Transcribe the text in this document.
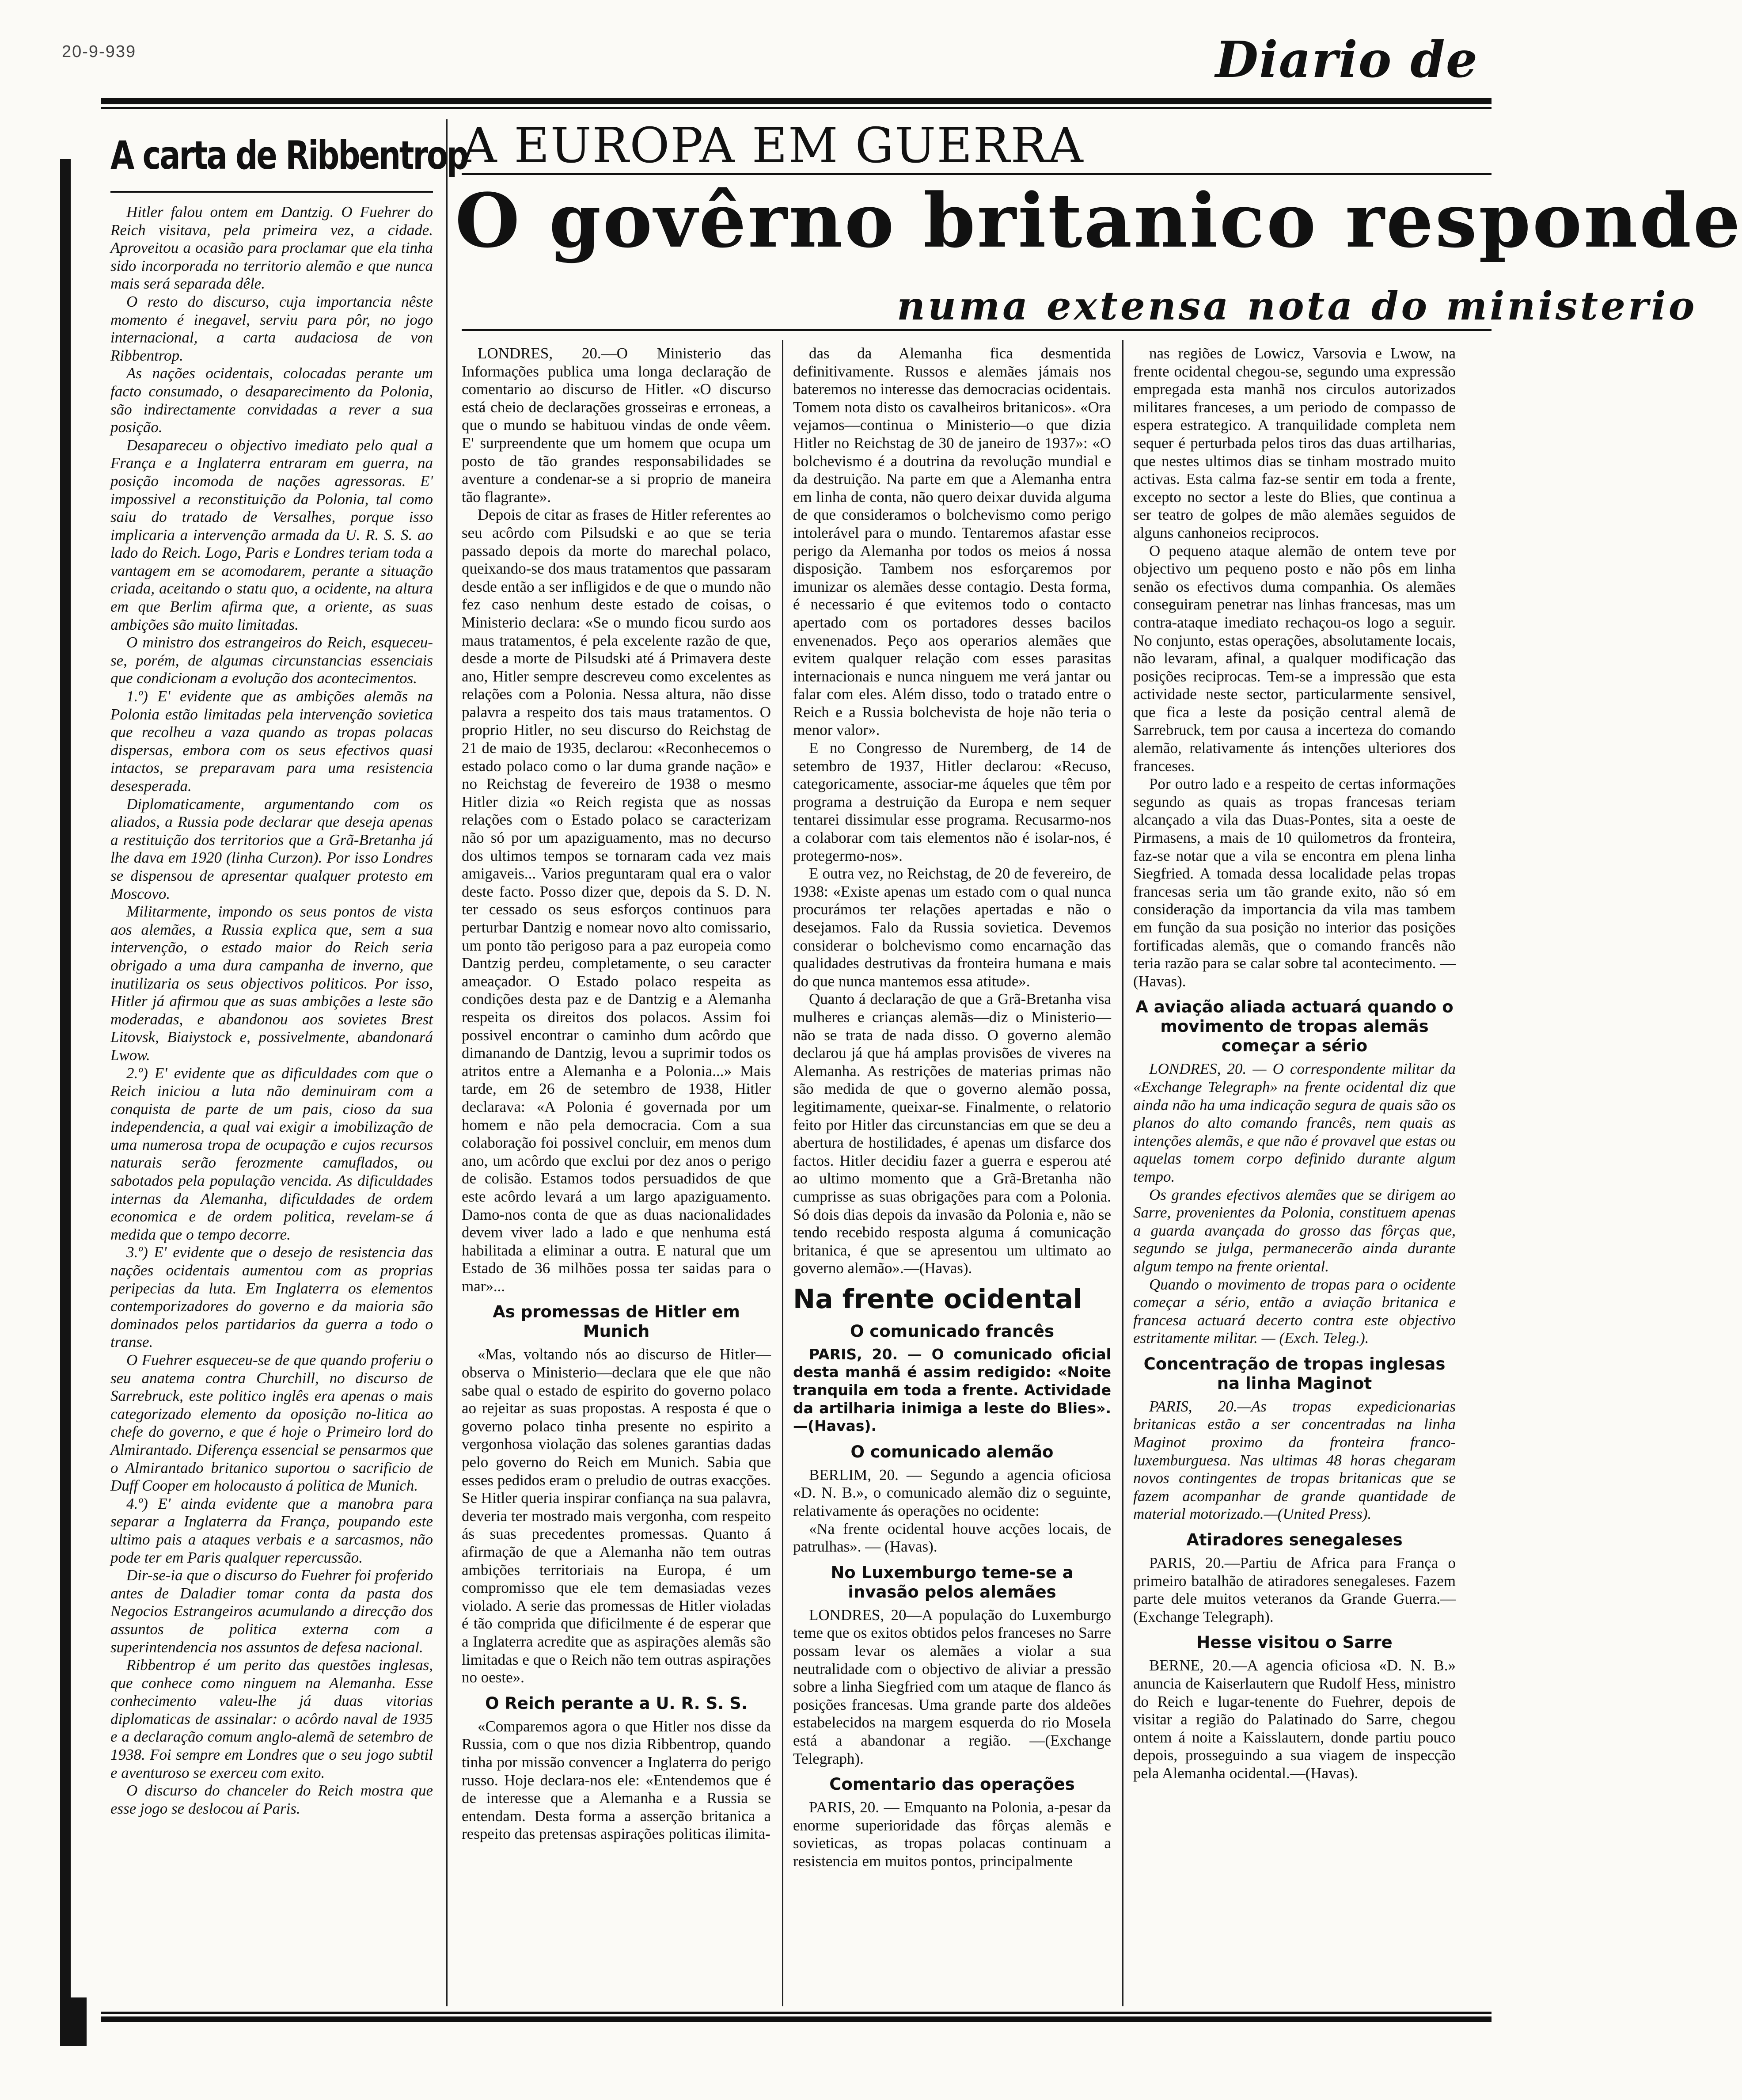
20-9-939	Diario de
A carta de Ribbentrop

Hitler falou ontem em Dantzig. O Fuehrer do Reich visitava, pela primeira vez, a cidade. Aproveitou a ocasião para proclamar que ela tinha sido incorporada no territorio alemão e que nunca mais será separada dêle.

O resto do discurso, cuja importancia nêste momento é inegavel, serviu para pôr, no jogo internacional, a carta audaciosa de von Ribbentrop.

As nações ocidentais, colocadas perante um facto consumado, o desaparecimento da Polonia, são indirectamente convidadas a rever a sua posição.

Desapareceu o objectivo imediato pelo qual a França e a Inglaterra entraram em guerra, na posição incomoda de nações agressoras. E' impossivel a reconstituição da Polonia, tal como saiu do tratado de Versalhes, porque isso implicaria a intervenção armada da U. R. S. S. ao lado do Reich. Logo, Paris e Londres teriam toda a vantagem em se acomodarem, perante a situação criada, aceitando o statu quo, a ocidente, na altura em que Berlim afirma que, a oriente, as suas ambições são muito limitadas.

O ministro dos estrangeiros do Reich, esqueceu-se, porém, de algumas circunstancias essenciais que condicionam a evolução dos acontecimentos.

1.º) E' evidente que as ambições alemãs na Polonia estão limitadas pela intervenção sovietica que recolheu a vaza quando as tropas polacas dispersas, embora com os seus efectivos quasi intactos, se preparavam para uma resistencia desesperada.

Diplomaticamente, argumentando com os aliados, a Russia pode declarar que deseja apenas a restituição dos territorios que a Grã-Bretanha já lhe dava em 1920 (linha Curzon). Por isso Londres se dispensou de apresentar qualquer protesto em Moscovo.

Militarmente, impondo os seus pontos de vista aos alemães, a Russia explica que, sem a sua intervenção, o estado maior do Reich seria obrigado a uma dura campanha de inverno, que inutilizaria os seus objectivos politicos. Por isso, Hitler já afirmou que as suas ambições a leste são moderadas, e abandonou aos sovietes Brest Litovsk, Biaiystock e, possivelmente, abandonará Lwow.

2.º) E' evidente que as dificuldades com que o Reich iniciou a luta não deminuiram com a conquista de parte de um pais, cioso da sua independencia, a qual vai exigir a imobilização de uma numerosa tropa de ocupação e cujos recursos naturais serão ferozmente camuflados, ou sabotados pela população vencida. As dificuldades internas da Alemanha, dificuldades de ordem economica e de ordem politica, revelam-se á medida que o tempo decorre.

3.º) E' evidente que o desejo de resistencia das nações ocidentais aumentou com as proprias peripecias da luta. Em Inglaterra os elementos contemporizadores do governo e da maioria são dominados pelos partidarios da guerra a todo o transe.

O Fuehrer esqueceu-se de que quando proferiu o seu anatema contra Churchill, no discurso de Sarrebruck, este politico inglês era apenas o mais categorizado elemento da oposição no-litica ao chefe do governo, e que é hoje o Primeiro lord do Almirantado. Diferença essencial se pensarmos que o Almirantado britanico suportou o sacrificio de Duff Cooper em holocausto á politica de Munich.

4.º) E' ainda evidente que a manobra para separar a Inglaterra da França, poupando este ultimo pais a ataques verbais e a sarcasmos, não pode ter em Paris qualquer repercussão.

Dir-se-ia que o discurso do Fuehrer foi proferido antes de Daladier tomar conta da pasta dos Negocios Estrangeiros acumulando a direcção dos assuntos de politica externa com a superintendencia nos assuntos de defesa nacional.

Ribbentrop é um perito das questões inglesas, que conhece como ninguem na Alemanha. Esse conhecimento valeu-lhe já duas vitorias diplomaticas de assinalar: o acôrdo naval de 1935 e a declaração comum anglo-alemã de setembro de 1938. Foi sempre em Londres que o seu jogo subtil e aventuroso se exerceu com exito.

O discurso do chanceler do Reich mostra que esse jogo se deslocou aí Paris.

A EUROPA EM GUERRA
O govêrno britanico responde
numa extensa nota do ministerio

LONDRES, 20.—O Ministerio das Informações publica uma longa declaração de comentario ao discurso de Hitler. «O discurso está cheio de declarações grosseiras e erroneas, a que o mundo se habituou vindas de onde vêem. E' surpreendente que um homem que ocupa um posto de tão grandes responsabilidades se aventure a condenar-se a si proprio de maneira tão flagrante».

Depois de citar as frases de Hitler referentes ao seu acôrdo com Pilsudski e ao que se teria passado depois da morte do marechal polaco, queixando-se dos maus tratamentos que passaram desde então a ser infligidos e de que o mundo não fez caso nenhum deste estado de coisas, o Ministerio declara: «Se o mundo ficou surdo aos maus tratamentos, é pela excelente razão de que, desde a morte de Pilsudski até á Primavera deste ano, Hitler sempre descreveu como excelentes as relações com a Polonia. Nessa altura, não disse palavra a respeito dos tais maus tratamentos. O proprio Hitler, no seu discurso do Reichstag de 21 de maio de 1935, declarou: «Reconhecemos o estado polaco como o lar duma grande nação» e no Reichstag de fevereiro de 1938 o mesmo Hitler dizia «o Reich regista que as nossas relações com o Estado polaco se caracterizam não só por um apaziguamento, mas no decurso dos ultimos tempos se tornaram cada vez mais amigaveis... Varios preguntaram qual era o valor deste facto. Posso dizer que, depois da S. D. N. ter cessado os seus esforços continuos para perturbar Dantzig e nomear novo alto comissario, um ponto tão perigoso para a paz europeia como Dantzig perdeu, completamente, o seu caracter ameaçador. O Estado polaco respeita as condições desta paz e de Dantzig e a Alemanha respeita os direitos dos polacos. Assim foi possivel encontrar o caminho dum acôrdo que dimanando de Dantzig, levou a suprimir todos os atritos entre a Alemanha e a Polonia...» Mais tarde, em 26 de setembro de 1938, Hitler declarava: «A Polonia é governada por um homem e não pela democracia. Com a sua colaboração foi possivel concluir, em menos dum ano, um acôrdo que exclui por dez anos o perigo de colisão. Estamos todos persuadidos de que este acôrdo levará a um largo apaziguamento. Damo-nos conta de que as duas nacionalidades devem viver lado a lado e que nenhuma está habilitada a eliminar a outra. E natural que um Estado de 36 milhões possa ter saidas para o mar»...

As promessas de Hitler em Munich

«Mas, voltando nós ao discurso de Hitler—observa o Ministerio—declara que ele que não sabe qual o estado de espirito do governo polaco ao rejeitar as suas propostas. A resposta é que o governo polaco tinha presente no espirito a vergonhosa violação das solenes garantias dadas pelo governo do Reich em Munich. Sabia que esses pedidos eram o preludio de outras exacções. Se Hitler queria inspirar confiança na sua palavra, deveria ter mostrado mais vergonha, com respeito ás suas precedentes promessas. Quanto á afirmação de que a Alemanha não tem outras ambições territoriais na Europa, é um compromisso que ele tem demasiadas vezes violado. A serie das promessas de Hitler violadas é tão comprida que dificilmente é de esperar que a Inglaterra acredite que as aspirações alemãs são limitadas e que o Reich não tem outras aspirações no oeste».

O Reich perante a U. R. S. S.

«Comparemos agora o que Hitler nos disse da Russia, com o que nos dizia Ribbentrop, quando tinha por missão convencer a Inglaterra do perigo russo. Hoje declara-nos ele: «Entendemos que é de interesse que a Alemanha e a Russia se entendam. Desta forma a asserção britanica a respeito das pretensas aspirações politicas ilimita-

das da Alemanha fica desmentida definitivamente. Russos e alemães jámais nos bateremos no interesse das democracias ocidentais. Tomem nota disto os cavalheiros britanicos». «Ora vejamos—continua o Ministerio—o que dizia Hitler no Reichstag de 30 de janeiro de 1937»: «O bolchevismo é a doutrina da revolução mundial e da destruição. Na parte em que a Alemanha entra em linha de conta, não quero deixar duvida alguma de que consideramos o bolchevismo como perigo intolerável para o mundo. Tentaremos afastar esse perigo da Alemanha por todos os meios á nossa disposição. Tambem nos esforçaremos por imunizar os alemães desse contagio. Desta forma, é necessario é que evitemos todo o contacto apertado com os portadores desses bacilos envenenados. Peço aos operarios alemães que evitem qualquer relação com esses parasitas internacionais e nunca ninguem me verá jantar ou falar com eles. Além disso, todo o tratado entre o Reich e a Russia bolchevista de hoje não teria o menor valor».

E no Congresso de Nuremberg, de 14 de setembro de 1937, Hitler declarou: «Recuso, categoricamente, associar-me áqueles que têm por programa a destruição da Europa e nem sequer tentarei dissimular esse programa. Recusarmo-nos a colaborar com tais elementos não é isolar-nos, é protegermo-nos».

E outra vez, no Reichstag, de 20 de fevereiro, de 1938: «Existe apenas um estado com o qual nunca procurámos ter relações apertadas e não o desejamos. Falo da Russia sovietica. Devemos considerar o bolchevismo como encarnação das qualidades destrutivas da fronteira humana e mais do que nunca mantemos essa atitude».

Quanto á declaração de que a Grã-Bretanha visa mulheres e crianças alemãs—diz o Ministerio—não se trata de nada disso. O governo alemão declarou já que há amplas provisões de viveres na Alemanha. As restrições de materias primas não são medida de que o governo alemão possa, legitimamente, queixar-se. Finalmente, o relatorio feito por Hitler das circunstancias em que se deu a abertura de hostilidades, é apenas um disfarce dos factos. Hitler decidiu fazer a guerra e esperou até ao ultimo momento que a Grã-Bretanha não cumprisse as suas obrigações para com a Polonia. Só dois dias depois da invasão da Polonia e, não se tendo recebido resposta alguma á comunicação britanica, é que se apresentou um ultimato ao governo alemão».—(Havas).

Na frente ocidental
O comunicado francês

PARIS, 20. — O comunicado oficial desta manhã é assim redigido: «Noite tranquila em toda a frente. Actividade da artilharia inimiga a leste do Blies». —(Havas).

O comunicado alemão

BERLIM, 20. — Segundo a agencia oficiosa «D. N. B.», o comunicado alemão diz o seguinte, relativamente ás operações no ocidente:

«Na frente ocidental houve acções locais, de patrulhas». — (Havas).

No Luxemburgo teme-se a invasão pelos alemães

LONDRES, 20—A população do Luxemburgo teme que os exitos obtidos pelos franceses no Sarre possam levar os alemães a violar a sua neutralidade com o objectivo de aliviar a pressão sobre a linha Siegfried com um ataque de flanco ás posições francesas. Uma grande parte dos aldeões estabelecidos na margem esquerda do rio Mosela está a abandonar a região. —(Exchange Telegraph).

Comentario das operações

PARIS, 20. — Emquanto na Polonia, a-pesar da enorme superioridade das fôrças alemãs e sovieticas, as tropas polacas continuam a resistencia em muitos pontos, principalmente

nas regiões de Lowicz, Varsovia e Lwow, na frente ocidental chegou-se, segundo uma expressão empregada esta manhã nos circulos autorizados militares franceses, a um periodo de compasso de espera estrategico. A tranquilidade completa nem sequer é perturbada pelos tiros das duas artilharias, que nestes ultimos dias se tinham mostrado muito activas. Esta calma faz-se sentir em toda a frente, excepto no sector a leste do Blies, que continua a ser teatro de golpes de mão alemães seguidos de alguns canhoneios reciprocos.

O pequeno ataque alemão de ontem teve por objectivo um pequeno posto e não pôs em linha senão os efectivos duma companhia. Os alemães conseguiram penetrar nas linhas francesas, mas um contra-ataque imediato rechaçou-os logo a seguir. No conjunto, estas operações, absolutamente locais, não levaram, afinal, a qualquer modificação das posições reciprocas. Tem-se a impressão que esta actividade neste sector, particularmente sensivel, que fica a leste da posição central alemã de Sarrebruck, tem por causa a incerteza do comando alemão, relativamente ás intenções ulteriores dos franceses.

Por outro lado e a respeito de certas informações segundo as quais as tropas francesas teriam alcançado a vila das Duas-Pontes, sita a oeste de Pirmasens, a mais de 10 quilometros da fronteira, faz-se notar que a vila se encontra em plena linha Siegfried. A tomada dessa localidade pelas tropas francesas seria um tão grande exito, não só em consideração da importancia da vila mas tambem em função da sua posição no interior das posições fortificadas alemãs, que o comando francês não teria razão para se calar sobre tal acontecimento. — (Havas).

A aviação aliada actuará quando o movimento de tropas alemãs começar a sério

LONDRES, 20. — O correspondente militar da «Exchange Telegraph» na frente ocidental diz que ainda não ha uma indicação segura de quais são os planos do alto comando francês, nem quais as intenções alemãs, e que não é provavel que estas ou aquelas tomem corpo definido durante algum tempo.

Os grandes efectivos alemães que se dirigem ao Sarre, provenientes da Polonia, constituem apenas a guarda avançada do grosso das fôrças que, segundo se julga, permanecerão ainda durante algum tempo na frente oriental.

Quando o movimento de tropas para o ocidente começar a sério, então a aviação britanica e francesa actuará decerto contra este objectivo estritamente militar. — (Exch. Teleg.).

Concentração de tropas inglesas na linha Maginot

PARIS, 20.—As tropas expedicionarias britanicas estão a ser concentradas na linha Maginot proximo da fronteira franco-luxemburguesa. Nas ultimas 48 horas chegaram novos contingentes de tropas britanicas que se fazem acompanhar de grande quantidade de material motorizado.—(United Press).

Atiradores senegaleses

PARIS, 20.—Partiu de Africa para França o primeiro batalhão de atiradores senegaleses. Fazem parte dele muitos veteranos da Grande Guerra.— (Exchange Telegraph).

Hesse visitou o Sarre

BERNE, 20.—A agencia oficiosa «D. N. B.» anuncia de Kaiserlautern que Rudolf Hess, ministro do Reich e lugar-tenente do Fuehrer, depois de visitar a região do Palatinado do Sarre, chegou ontem á noite a Kaisslautern, donde partiu pouco depois, prosseguindo a sua viagem de inspecção pela Alemanha ocidental.—(Havas).
